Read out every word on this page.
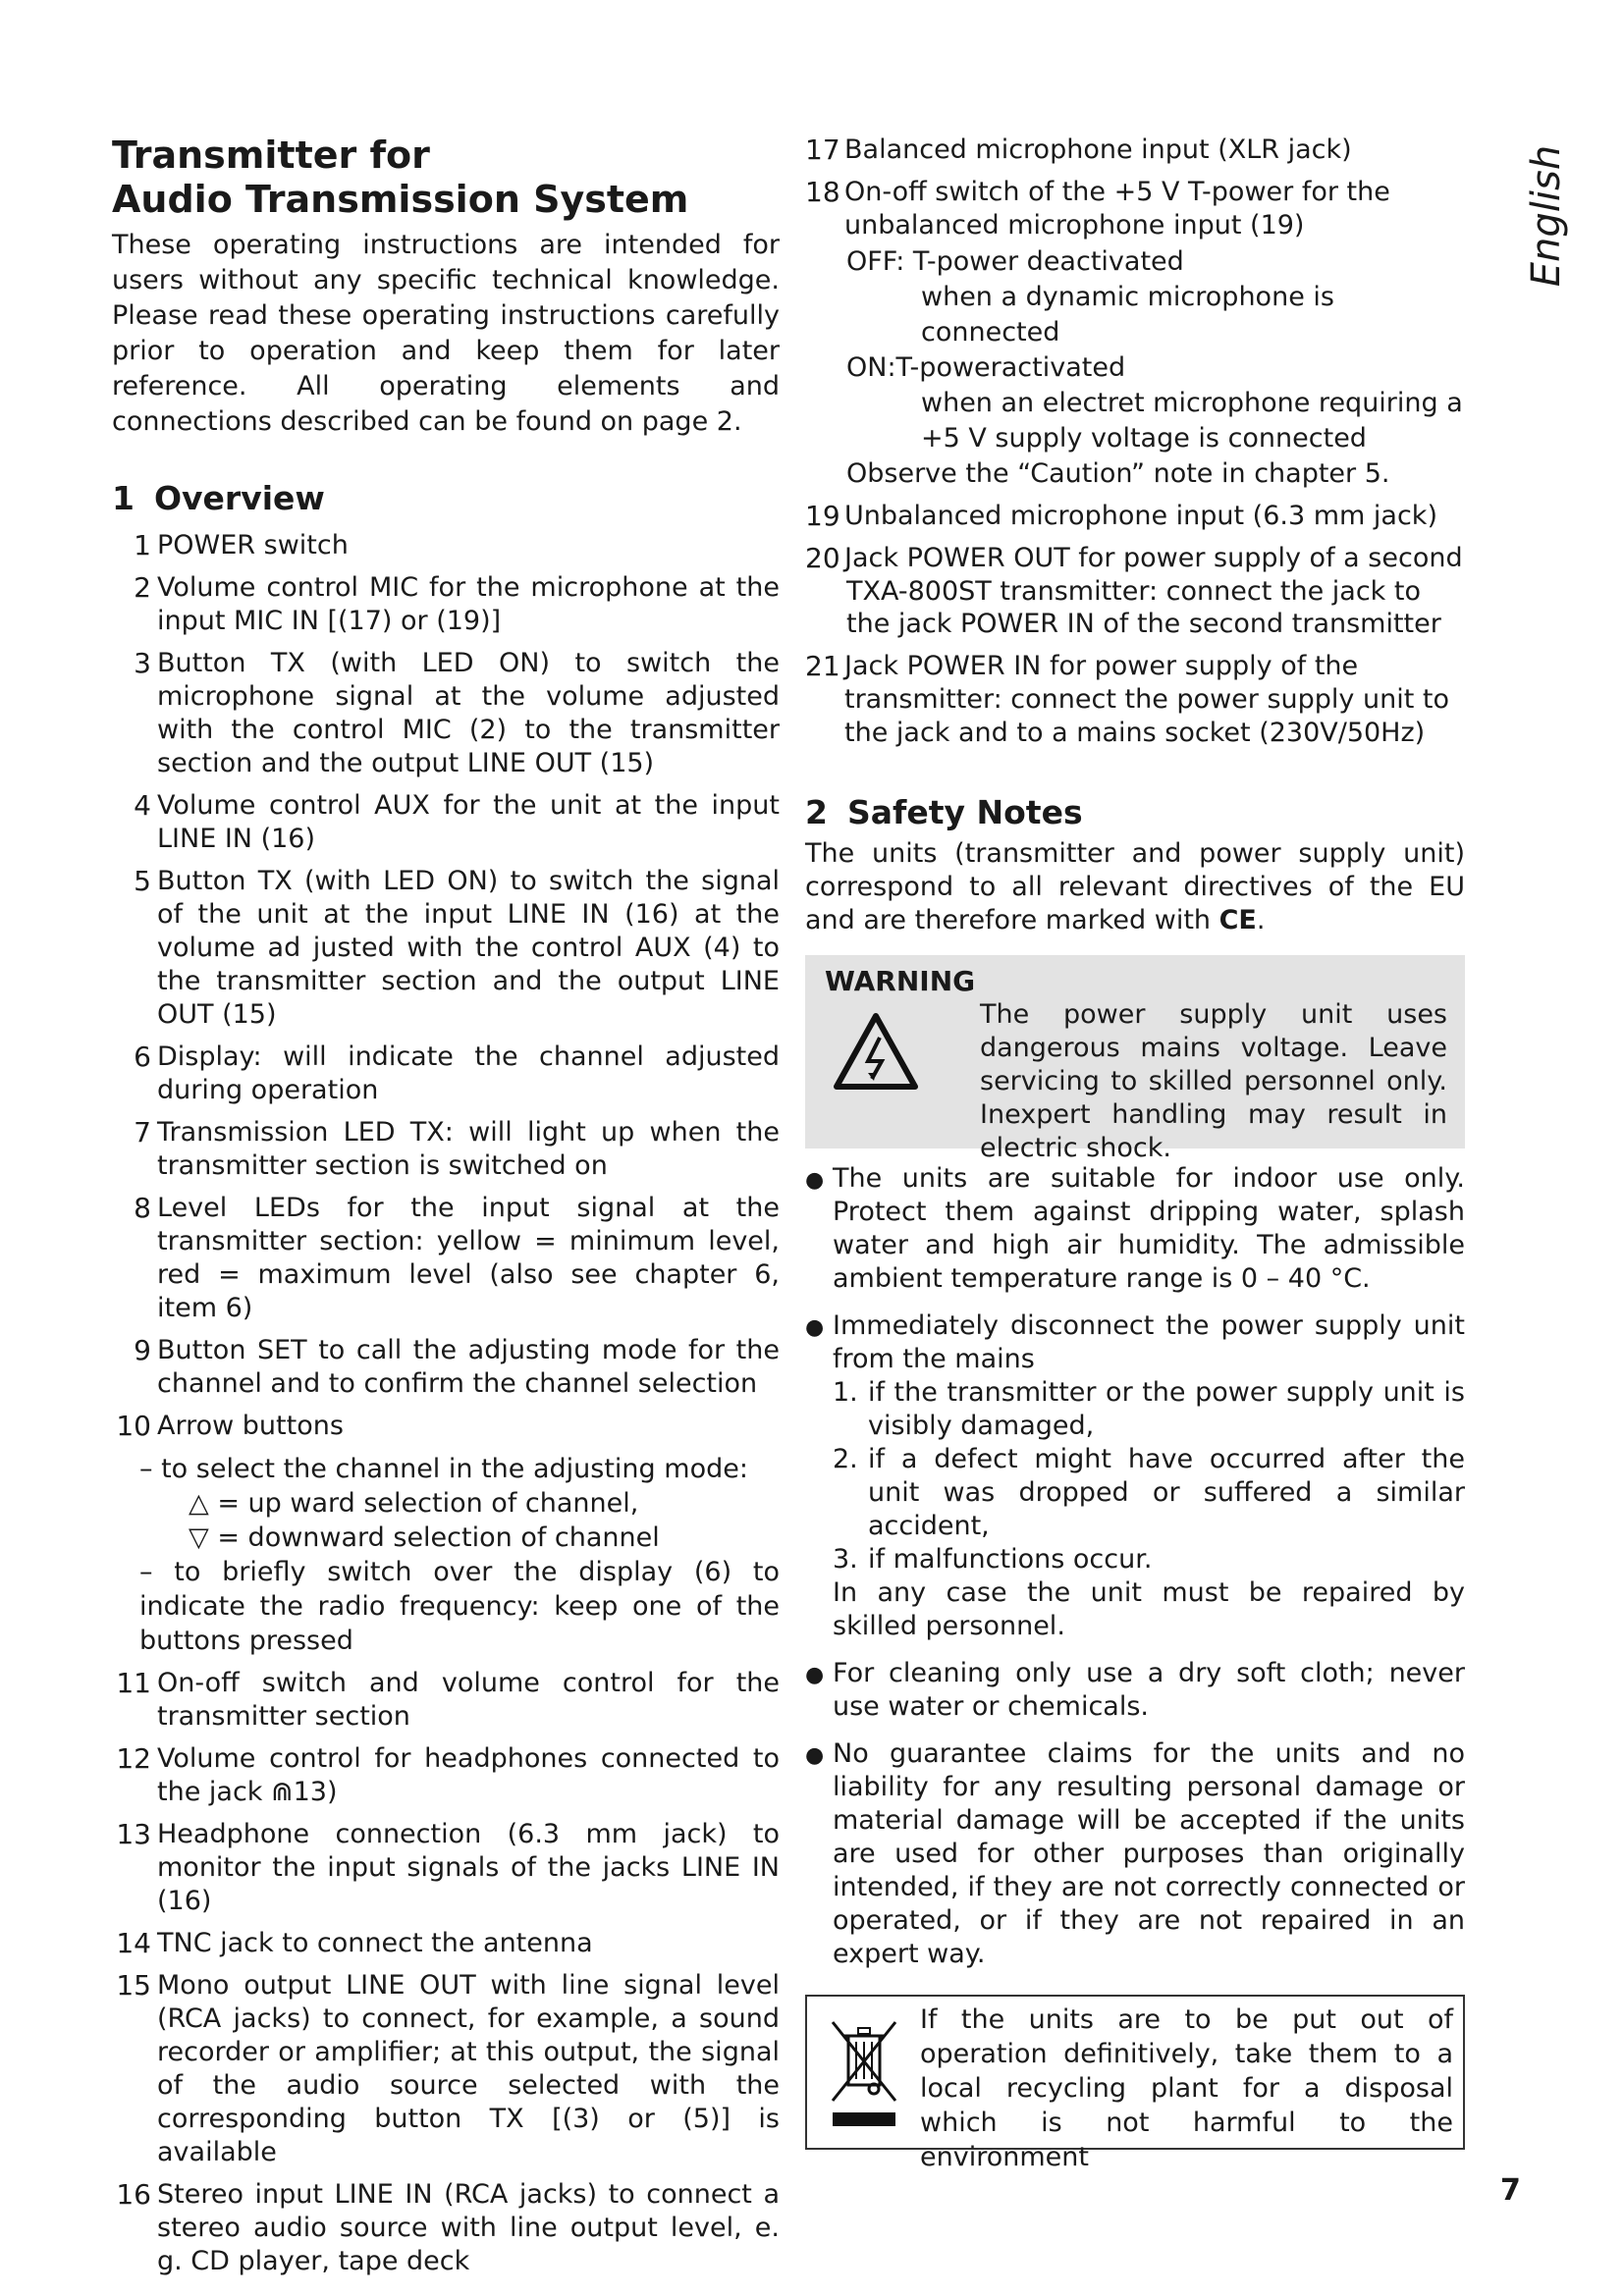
Transmitter for
Audio Transmission System

These operating instructions are intended for users without any specific technical knowledge. Please read these operating instructions carefully prior to operation and keep them for later reference. All operating elements and connections described can be found on page 2.

1 Overview
1 POWER switch
2 Volume control MIC for the microphone at the input MIC IN [(17) or (19)]
3 Button TX (with LED ON) to switch the microphone signal at the volume adjusted with the control MIC (2) to the transmitter section and the output LINE OUT (15)
4 Volume control AUX for the unit at the input LINE IN (16)
5 Button TX (with LED ON) to switch the signal of the unit at the input LINE IN (16) at the volume ad justed with the control AUX (4) to the transmitter section and the output LINE OUT (15)
6 Display: will indicate the channel adjusted during operation
7 Transmission LED TX: will light up when the transmitter section is switched on
8 Level LEDs for the input signal at the transmitter section: yellow = minimum level, red = maximum level (also see chapter 6, item 6)
9 Button SET to call the adjusting mode for the channel and to confirm the channel selection
10 Arrow buttons
– to select the channel in the adjusting mode:
△ = up ward selection of channel,
▽ = downward selection of channel
– to briefly switch over the display (6) to indicate the radio frequency: keep one of the buttons pressed
11 On-off switch and volume control for the transmitter section
12 Volume control for headphones connected to the jack ⋒13)
13 Headphone connection (6.3 mm jack) to monitor the input signals of the jacks LINE IN (16)
14 TNC jack to connect the antenna
15 Mono output LINE OUT with line signal level (RCA jacks) to connect, for example, a sound recorder or amplifier; at this output, the signal of the audio source selected with the corresponding button TX [(3) or (5)] is available
16 Stereo input LINE IN (RCA jacks) to connect a stereo audio source with line output level, e. g. CD player, tape deck
17 Balanced microphone input (XLR jack)
18 On-off switch of the +5 V T-power for the unbalanced microphone input (19)
OFF: T-power deactivated
when a dynamic microphone is connected
ON:T-poweractivated
when an electret microphone requiring a +5 V supply voltage is connected
Observe the “Caution” note in chapter 5.
19 Unbalanced microphone input (6.3 mm jack)
20 Jack POWER OUT for power supply of a second
TXA-800ST transmitter: connect the jack to the jack POWER IN of the second transmitter
21 Jack POWER IN for power supply of the transmitter: connect the power supply unit to the jack and to a mains socket (230V/50Hz)
2 Safety Notes

The units (transmitter and power supply unit) correspond to all relevant directives of the EU and are therefore marked with CE.

WARNING
The power supply unit uses dangerous mains voltage. Leave servicing to skilled personnel only. Inexpert handling may result in electric shock.
● The units are suitable for indoor use only. Protect them against dripping water, splash water and high air humidity. The admissible ambient temperature range is 0 – 40 °C.
● Immediately disconnect the power supply unit from the mains
1. if the transmitter or the power supply unit is visibly damaged,
2. if a defect might have occurred after the unit was dropped or suffered a similar accident,
3. if malfunctions occur.
In any case the unit must be repaired by skilled personnel.
● For cleaning only use a dry soft cloth; never use water or chemicals.
● No guarantee claims for the units and no liability for any resulting personal damage or material damage will be accepted if the units are used for other purposes than originally intended, if they are not correctly connected or operated, or if they are not repaired in an expert way.
If the units are to be put out of operation definitively, take them to a local recycling plant for a disposal which is not harmful to the environment
English
7
